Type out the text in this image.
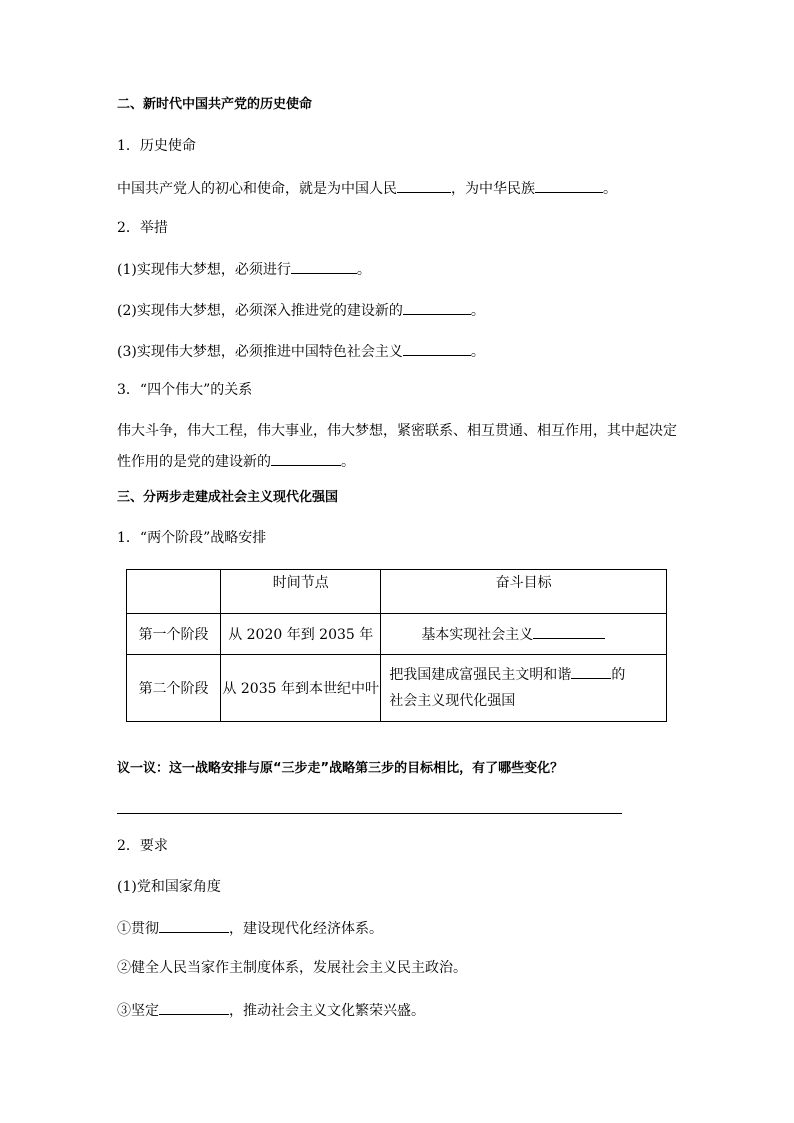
二、新时代中国共产党的历史使命
1．历史使命
中国共产党人的初心和使命，就是为中国人民	，为中华民族	。
2．举措
(1)实现伟大梦想，必须进行	。
(2)实现伟大梦想，必须深入推进党的建设新的	。
(3)实现伟大梦想，必须推进中国特色社会主义	。
3．“四个伟大”的关系
伟大斗争，伟大工程，伟大事业，伟大梦想，紧密联系、相互贯通、相互作用，其中起决定
性作用的是党的建设新的	。
三、分两步走建成社会主义现代化强国
1．“两个阶段”战略安排
	时间节点	奋斗目标
第一个阶段	从 2020 年到 2035 年	基本实现社会主义
第二个阶段	从 2035 年到本世纪中叶	把我国建成富强民主文明和谐 的
社会主义现代化强国
议一议：这一战略安排与原“三步走”战略第三步的目标相比，有了哪些变化？
2．要求
(1)党和国家角度
①贯彻	，建设现代化经济体系。
②健全人民当家作主制度体系，发展社会主义民主政治。
③坚定	，推动社会主义文化繁荣兴盛。
